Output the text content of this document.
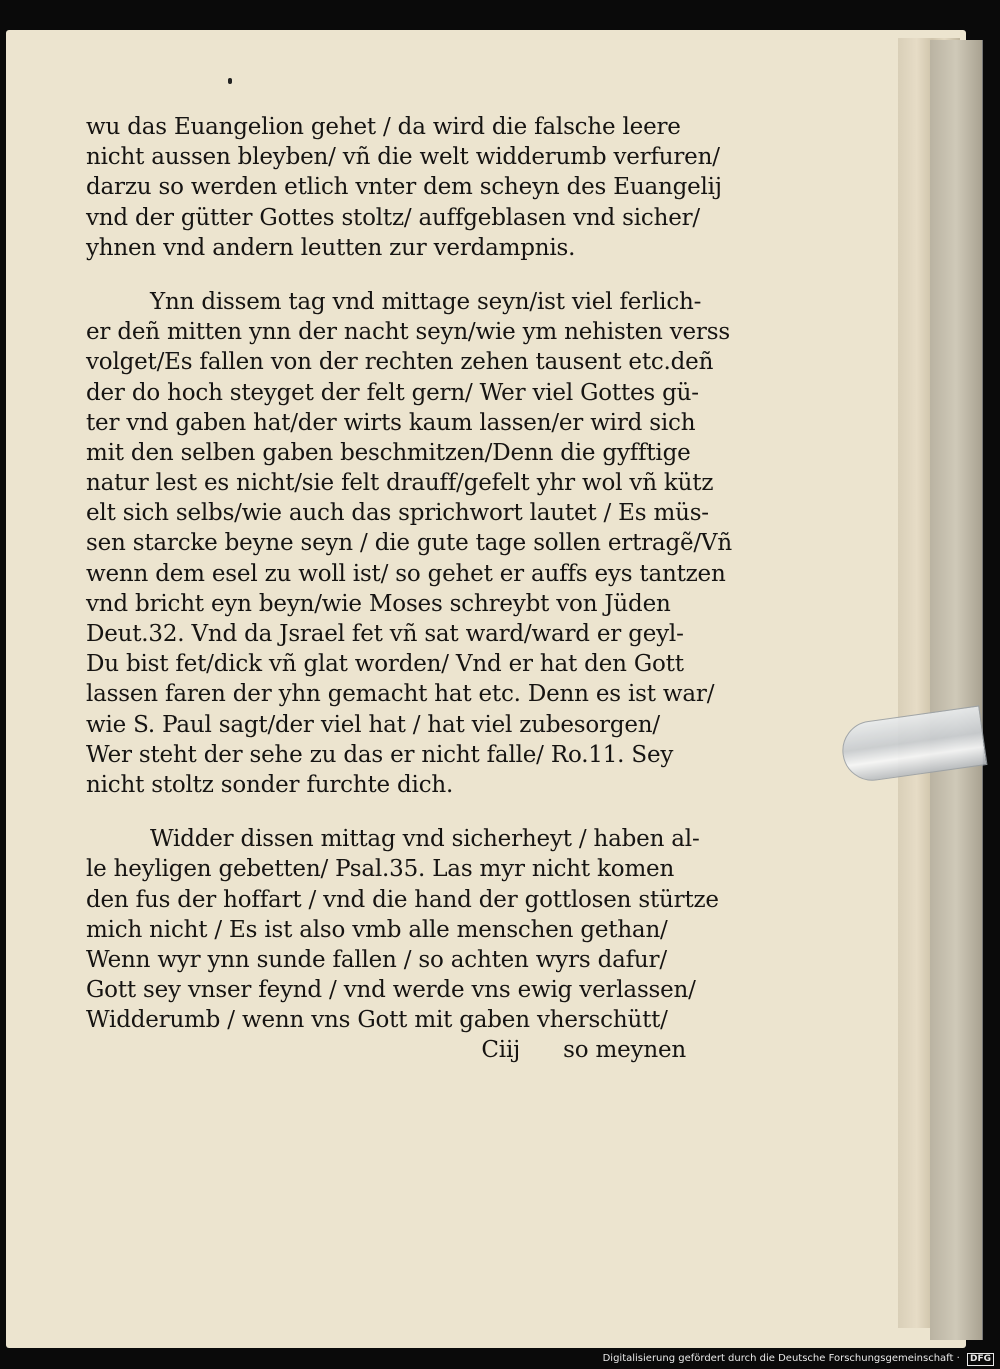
wu das Euangelion gehet / da wird die falsche leere
nicht aussen bleyben/ vñ die welt widderumb verfuren/
darzu so werden etlich vnter dem scheyn des Euangelij
vnd der gütter Gottes stoltz/ auffgeblasen vnd sicher/
yhnen vnd andern leutten zur verdampnis.
Ynn dissem tag vnd mittage seyn/ist viel ferlich-
er deñ mitten ynn der nacht seyn/wie ym nehisten verss
volget/Es fallen von der rechten zehen tausent etc.deñ
der do hoch steyget der felt gern/ Wer viel Gottes gü-
ter vnd gaben hat/der wirts kaum lassen/er wird sich
mit den selben gaben beschmitzen/Denn die gyfftige
natur lest es nicht/sie felt drauff/gefelt yhr wol vñ kütz
elt sich selbs/wie auch das sprichwort lautet / Es müs-
sen starcke beyne seyn / die gute tage sollen ertragẽ/Vñ
wenn dem esel zu woll ist/ so gehet er auffs eys tantzen
vnd bricht eyn beyn/wie Moses schreybt von Jüden
Deut.32. Vnd da Jsrael fet vñ sat ward/ward er geyl-
Du bist fet/dick vñ glat worden/ Vnd er hat den Gott
lassen faren der yhn gemacht hat etc. Denn es ist war/
wie S. Paul sagt/der viel hat / hat viel zubesorgen/
Wer steht der sehe zu das er nicht falle/ Ro.11. Sey
nicht stoltz sonder furchte dich.
Widder dissen mittag vnd sicherheyt / haben al-
le heyligen gebetten/ Psal.35. Las myr nicht komen
den fus der hoffart / vnd die hand der gottlosen stürtze
mich nicht / Es ist also vmb alle menschen gethan/
Wenn wyr ynn sunde fallen / so achten wyrs dafur/
Gott sey vnser feynd / vnd werde vns ewig verlassen/
Widderumb / wenn vns Gott mit gaben vherschütt/
Ciij so meynen
Digitalisierung gefördert durch die Deutsche Forschungsgemeinschaft · DFG
